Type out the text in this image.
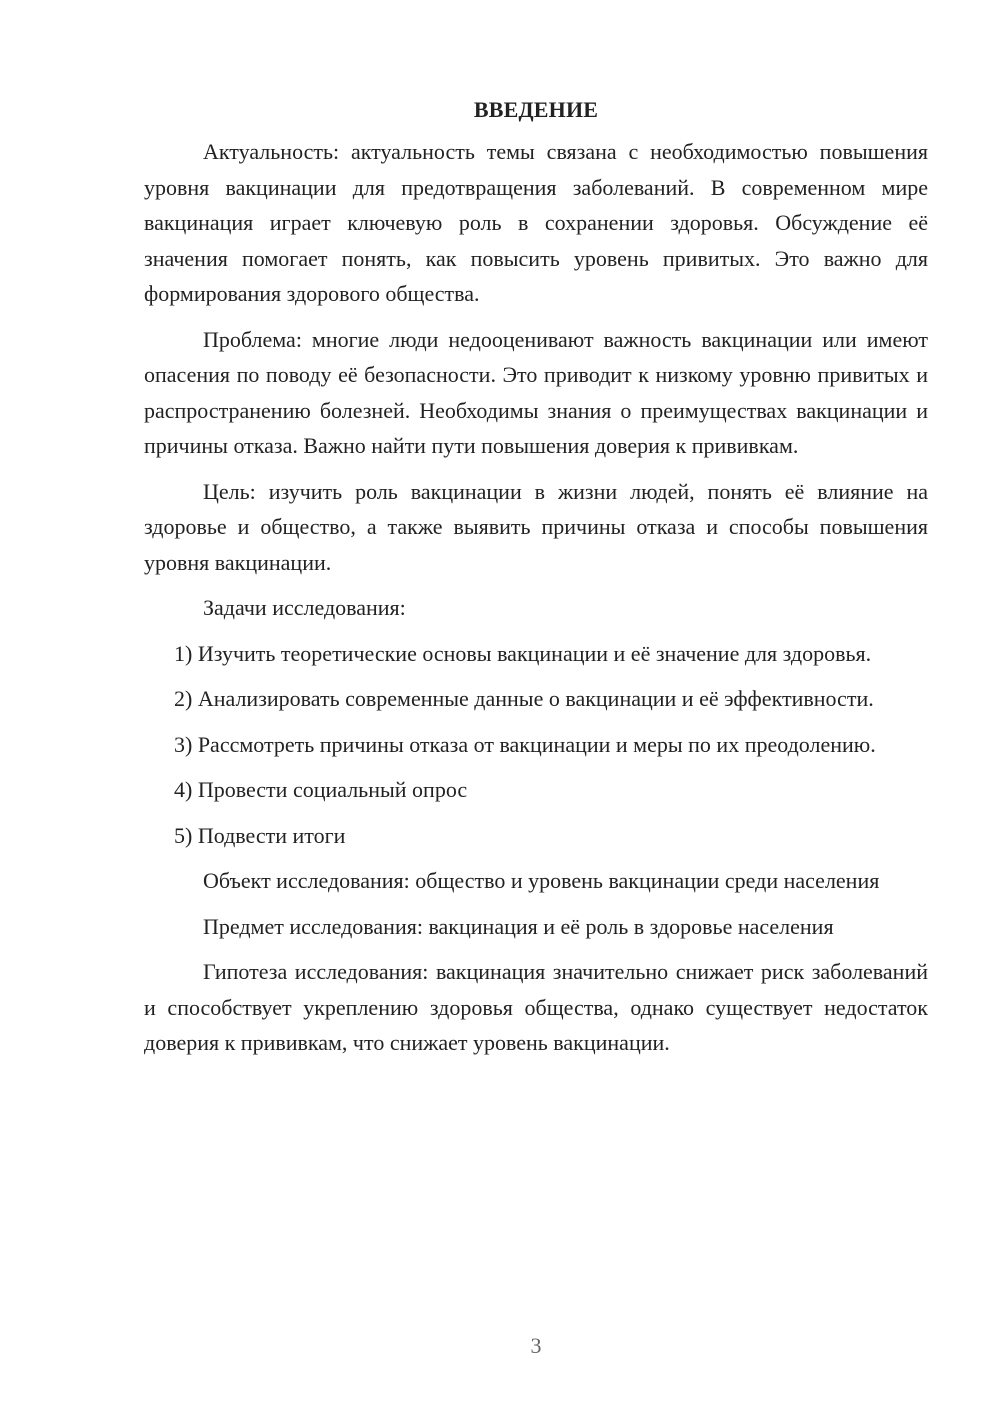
ВВЕДЕНИЕ

Актуальность: актуальность темы связана с необходимостью повышения уровня вакцинации для предотвращения заболеваний. В современном мире вакцинация играет ключевую роль в сохранении здоровья. Обсуждение её значения помогает понять, как повысить уровень привитых. Это важно для формирования здорового общества.

Проблема: многие люди недооценивают важность вакцинации или имеют опасения по поводу её безопасности. Это приводит к низкому уровню привитых и распространению болезней. Необходимы знания о преимуществах вакцинации и причины отказа. Важно найти пути повышения доверия к прививкам.

Цель: изучить роль вакцинации в жизни людей, понять её влияние на здоровье и общество, а также выявить причины отказа и способы повышения уровня вакцинации.

Задачи исследования:

1) Изучить теоретические основы вакцинации и её значение для здоровья.

2) Анализировать современные данные о вакцинации и её эффективности.

3) Рассмотреть причины отказа от вакцинации и меры по их преодолению.

4) Провести социальный опрос

5) Подвести итоги

Объект исследования: общество и уровень вакцинации среди населения

Предмет исследования: вакцинация и её роль в здоровье населения

Гипотеза исследования: вакцинация значительно снижает риск заболеваний и способствует укреплению здоровья общества, однако существует недостаток доверия к прививкам, что снижает уровень вакцинации.

3
